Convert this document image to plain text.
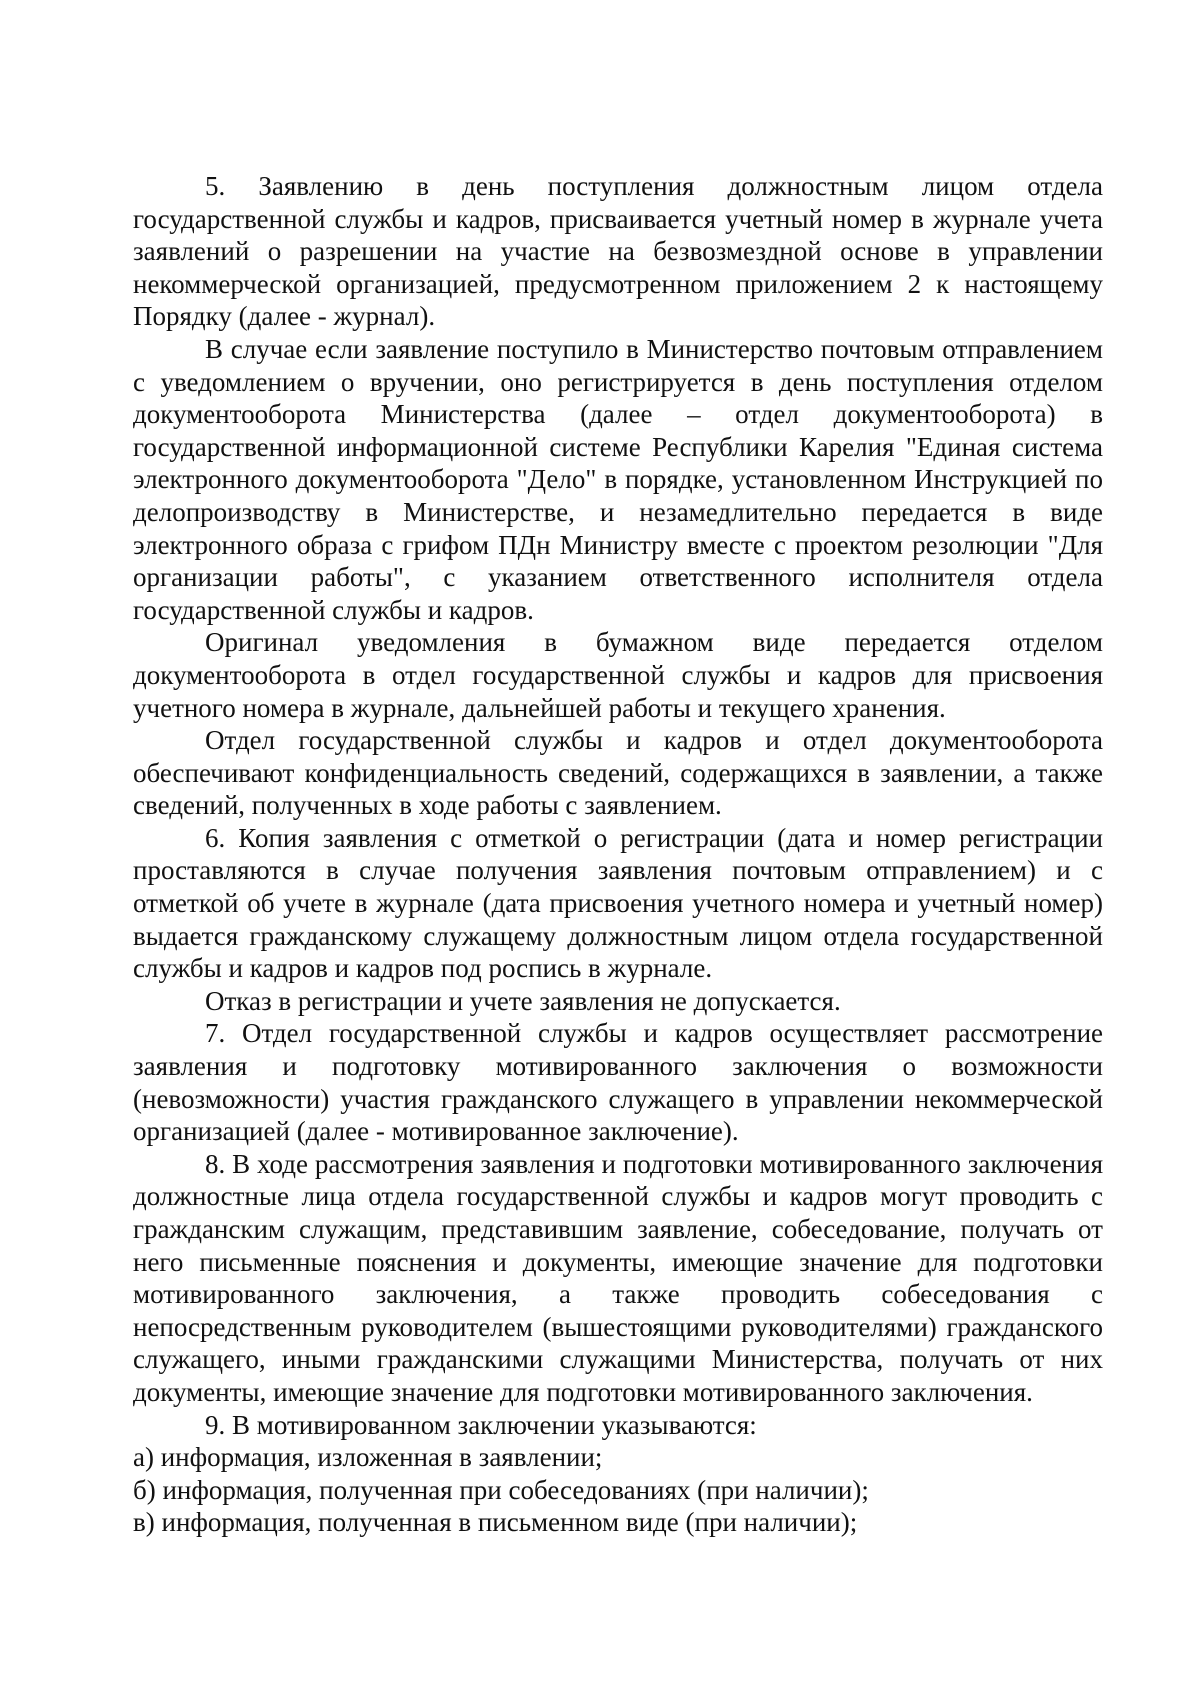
5. Заявлению в день поступления должностным лицом отдела государственной службы и кадров, присваивается учетный номер в журнале учета заявлений о разрешении на участие на безвозмездной основе в управлении некоммерческой организацией, предусмотренном приложением 2 к настоящему Порядку (далее - журнал).

В случае если заявление поступило в Министерство почтовым отправлением с уведомлением о вручении, оно регистрируется в день поступления отделом документооборота Министерства (далее – отдел документооборота) в государственной информационной системе Республики Карелия "Единая система электронного документооборота "Дело" в порядке, установленном Инструкцией по делопроизводству в Министерстве, и незамедлительно передается в виде электронного образа с грифом ПДн Министру вместе с проектом резолюции "Для организации работы", с указанием ответственного исполнителя отдела государственной службы и кадров.

Оригинал уведомления в бумажном виде передается отделом документооборота в отдел государственной службы и кадров для присвоения учетного номера в журнале, дальнейшей работы и текущего хранения.

Отдел государственной службы и кадров и отдел документооборота обеспечивают конфиденциальность сведений, содержащихся в заявлении, а также сведений, полученных в ходе работы с заявлением.

6. Копия заявления с отметкой о регистрации (дата и номер регистрации проставляются в случае получения заявления почтовым отправлением) и с отметкой об учете в журнале (дата присвоения учетного номера и учетный номер) выдается гражданскому служащему должностным лицом отдела государственной службы и кадров и кадров под роспись в журнале.

Отказ в регистрации и учете заявления не допускается.

7. Отдел государственной службы и кадров осуществляет рассмотрение заявления и подготовку мотивированного заключения о возможности (невозможности) участия гражданского служащего в управлении некоммерческой организацией (далее - мотивированное заключение).

8. В ходе рассмотрения заявления и подготовки мотивированного заключения должностные лица отдела государственной службы и кадров могут проводить с гражданским служащим, представившим заявление, собеседование, получать от него письменные пояснения и документы, имеющие значение для подготовки мотивированного заключения, а также проводить собеседования с непосредственным руководителем (вышестоящими руководителями) гражданского служащего, иными гражданскими служащими Министерства, получать от них документы, имеющие значение для подготовки мотивированного заключения.

9. В мотивированном заключении указываются:

а) информация, изложенная в заявлении;

б) информация, полученная при собеседованиях (при наличии);

в) информация, полученная в письменном виде (при наличии);
